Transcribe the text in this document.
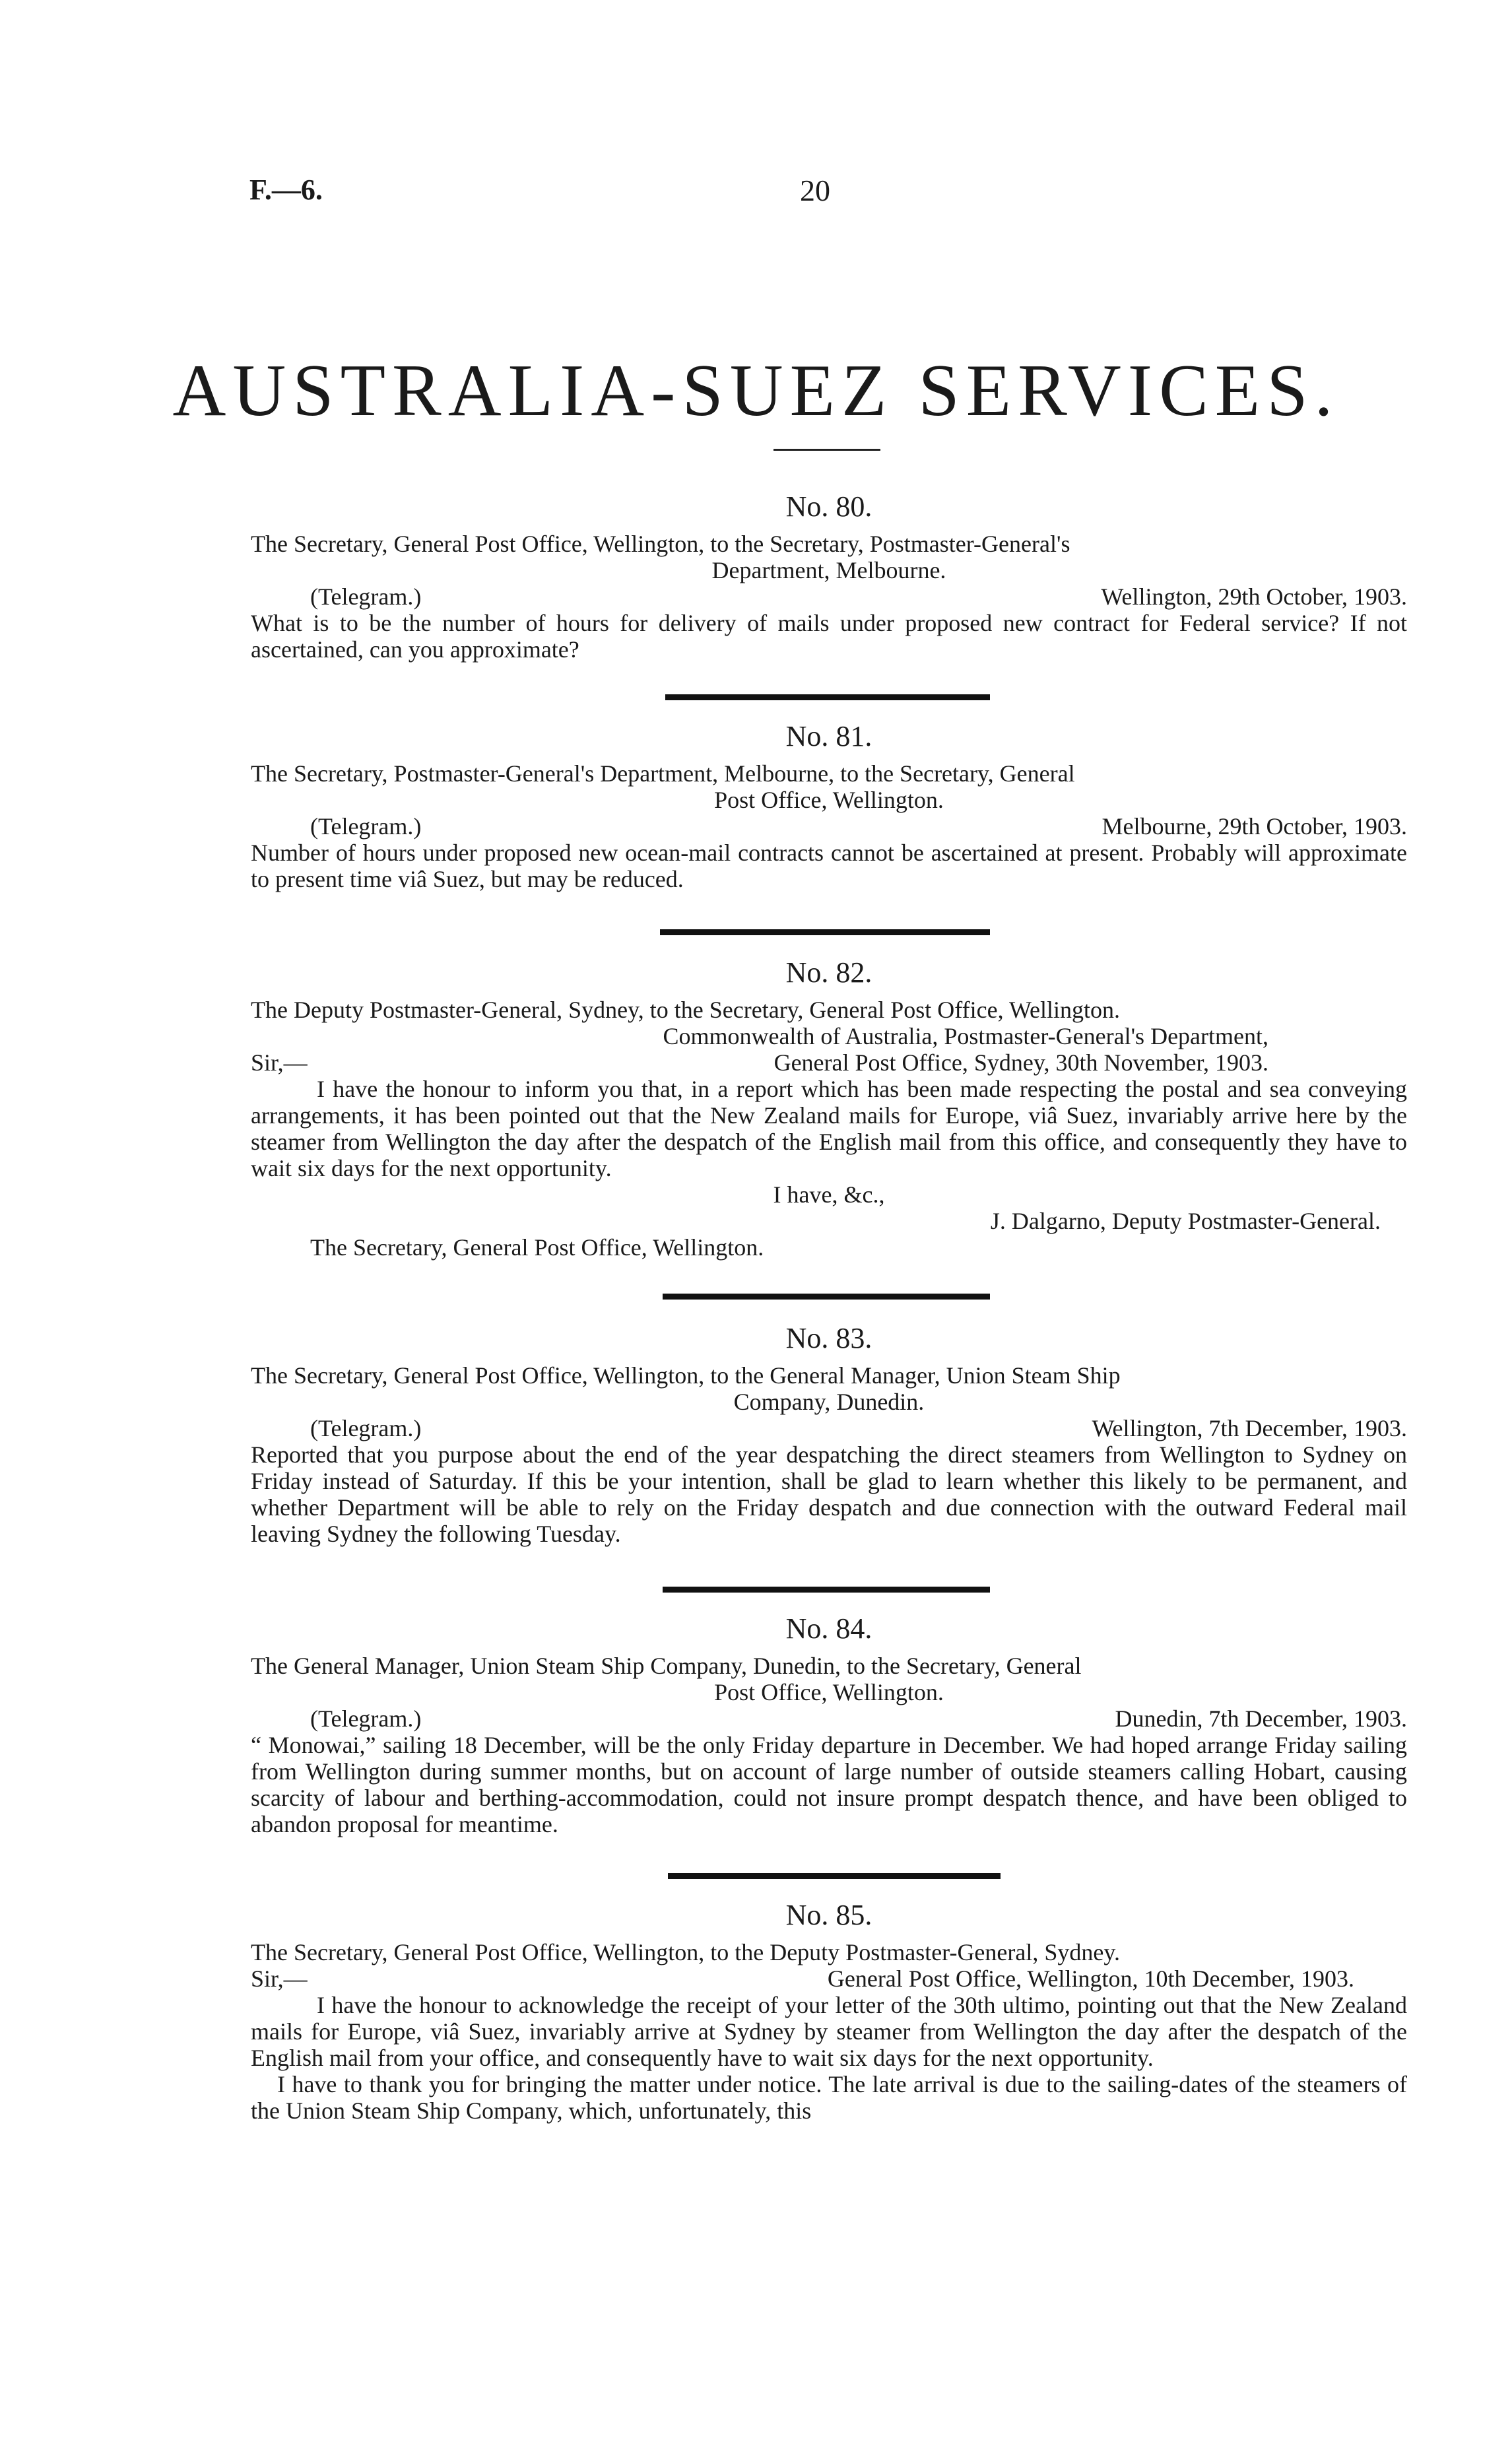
F.—6.	20
AUSTRALIA-SUEZ SERVICES.
No. 80.
The Secretary, General Post Office, Wellington, to the Secretary, Postmaster-General's
Department, Melbourne.
(Telegram.)	Wellington, 29th October, 1903.
What is to be the number of hours for delivery of mails under proposed new contract for Federal service? If not ascertained, can you approximate?
No. 81.
The Secretary, Postmaster-General's Department, Melbourne, to the Secretary, General
Post Office, Wellington.
(Telegram.)	Melbourne, 29th October, 1903.
Number of hours under proposed new ocean-mail contracts cannot be ascertained at present. Probably will approximate to present time viâ Suez, but may be reduced.
No. 82.
The Deputy Postmaster-General, Sydney, to the Secretary, General Post Office, Wellington.
Commonwealth of Australia, Postmaster-General's Department,
Sir,—	General Post Office, Sydney, 30th November, 1903.
I have the honour to inform you that, in a report which has been made respecting the postal and sea conveying arrangements, it has been pointed out that the New Zealand mails for Europe, viâ Suez, invariably arrive here by the steamer from Wellington the day after the despatch of the English mail from this office, and consequently they have to wait six days for the next opportunity.
I have, &c.,
J. Dalgarno, Deputy Postmaster-General.
The Secretary, General Post Office, Wellington.
No. 83.
The Secretary, General Post Office, Wellington, to the General Manager, Union Steam Ship
Company, Dunedin.
(Telegram.)	Wellington, 7th December, 1903.
Reported that you purpose about the end of the year despatching the direct steamers from Wellington to Sydney on Friday instead of Saturday. If this be your intention, shall be glad to learn whether this likely to be permanent, and whether Department will be able to rely on the Friday despatch and due connection with the outward Federal mail leaving Sydney the following Tuesday.
No. 84.
The General Manager, Union Steam Ship Company, Dunedin, to the Secretary, General
Post Office, Wellington.
(Telegram.)	Dunedin, 7th December, 1903.
“ Monowai,” sailing 18 December, will be the only Friday departure in December. We had hoped arrange Friday sailing from Wellington during summer months, but on account of large number of outside steamers calling Hobart, causing scarcity of labour and berthing-accommodation, could not insure prompt despatch thence, and have been obliged to abandon proposal for meantime.
No. 85.
The Secretary, General Post Office, Wellington, to the Deputy Postmaster-General, Sydney.
Sir,—	General Post Office, Wellington, 10th December, 1903.
I have the honour to acknowledge the receipt of your letter of the 30th ultimo, pointing out that the New Zealand mails for Europe, viâ Suez, invariably arrive at Sydney by steamer from Wellington the day after the despatch of the English mail from your office, and consequently have to wait six days for the next opportunity.
I have to thank you for bringing the matter under notice. The late arrival is due to the sailing-dates of the steamers of the Union Steam Ship Company, which, unfortunately, this
